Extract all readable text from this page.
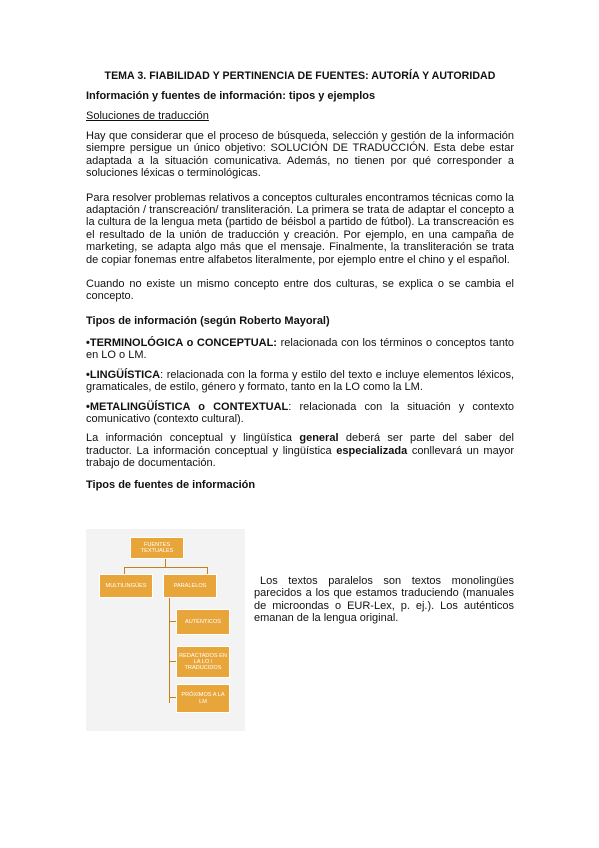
TEMA 3. FIABILIDAD Y PERTINENCIA DE FUENTES: AUTORÍA Y AUTORIDAD
Información y fuentes de información: tipos y ejemplos
Soluciones de traducción

Hay que considerar que el proceso de búsqueda, selección y gestión de la información siempre persigue un único objetivo: SOLUCIÓN DE TRADUCCIÓN. Esta debe estar adaptada a la situación comunicativa. Además, no tienen por qué corresponder a soluciones léxicas o terminológicas.

Para resolver problemas relativos a conceptos culturales encontramos técnicas como la adaptación / transcreación/ transliteración. La primera se trata de adaptar el concepto a la cultura de la lengua meta (partido de béisbol a partido de fútbol). La transcreación es el resultado de la unión de traducción y creación. Por ejemplo, en una campaña de marketing, se adapta algo más que el mensaje. Finalmente, la transliteración se trata de copiar fonemas entre alfabetos literalmente, por ejemplo entre el chino y el español.

Cuando no existe un mismo concepto entre dos culturas, se explica o se cambia el concepto.

Tipos de información (según Roberto Mayoral)

•TERMINOLÓGICA o CONCEPTUAL: relacionada con los términos o conceptos tanto en LO o LM.

•LINGÜÍSTICA: relacionada con la forma y estilo del texto e incluye elementos léxicos, gramaticales, de estilo, género y formato, tanto en la LO como la LM.

•METALINGÜÍSTICA o CONTEXTUAL: relacionada con la situación y contexto comunicativo (contexto cultural).

La información conceptual y lingüística general deberá ser parte del saber del traductor. La información conceptual y lingüística especializada conllevará un mayor trabajo de documentación.

Tipos de fuentes de información
FUENTES TEXTUALES
MULTILINGÜES	PARALELOS
AUTÉNTICOS
REDACTADOS EN LA LO / TRADUCIDOS
PRÓXIMOS A LA LM
Los textos paralelos son textos monolingües parecidos a los que estamos traduciendo (manuales de microondas o EUR-Lex, p. ej.). Los auténticos emanan de la lengua original.
